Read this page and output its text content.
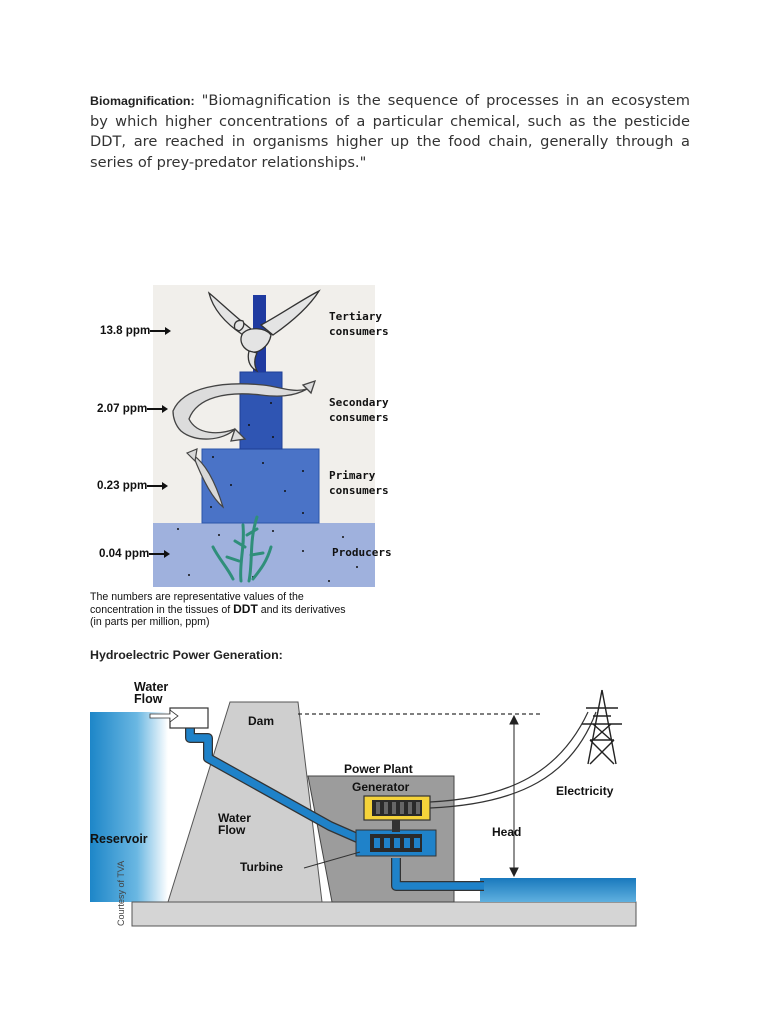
Biomagnification: "Biomagnification is the sequence of processes in an ecosystem by which higher concentrations of a particular chemical, such as the pesticide DDT, are reached in organisms higher up the food chain, generally through a series of prey-predator relationships."
13.8 ppm
2.07 ppm
0.23 ppm
0.04 ppm
Tertiary
consumers
Secondary
consumers
Primary
consumers
Producers
The numbers are representative values of the
concentration in the tissues of DDT and its derivatives
(in parts per million, ppm)
Hydroelectric Power Generation:
Water Flow
Dam
Power Plant
Generator	Electricity
Reservoir
Water Flow	Head
Turbine
Courtesy of TVA
